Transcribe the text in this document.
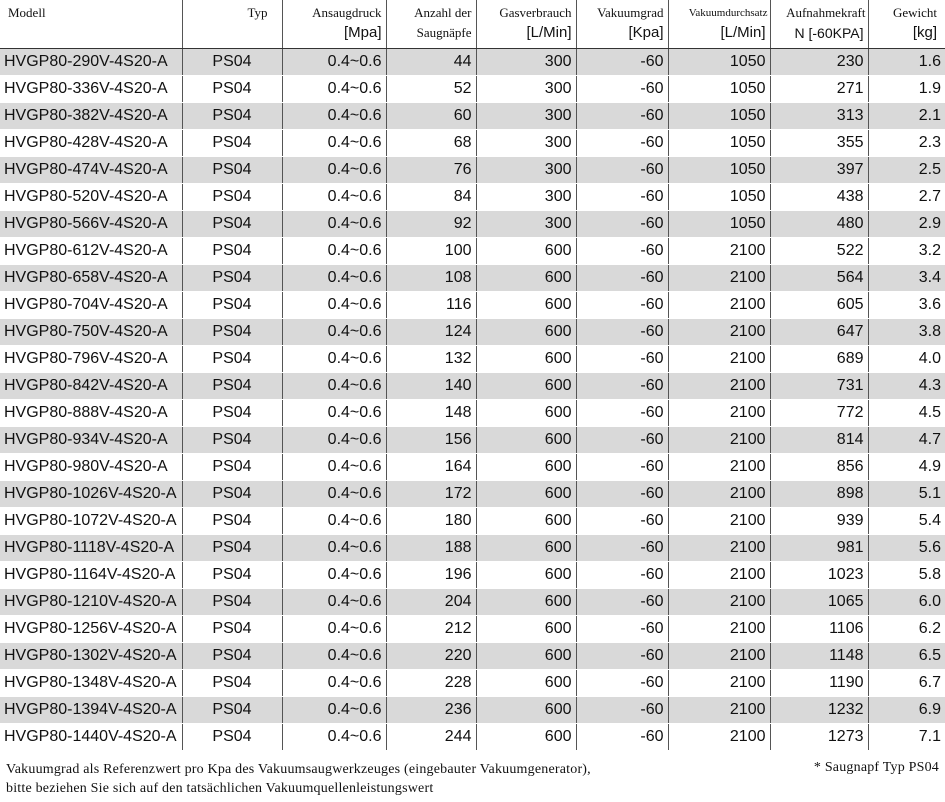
Modell	Typ	Ansaugdruck	Anzahl der	Gasverbrauch	Vakuumgrad	Vakuumdurchsatz	Aufnahmekraft	Gewicht
		[Mpa]	Saugnäpfe	[L/Min]	[Kpa]	[L/Min]	N [-60KPA]	[kg]
HVGP80-290V-4S20-A	PS04	0.4~0.6	44	300	-60	1050	230	1.6
HVGP80-336V-4S20-A	PS04	0.4~0.6	52	300	-60	1050	271	1.9
HVGP80-382V-4S20-A	PS04	0.4~0.6	60	300	-60	1050	313	2.1
HVGP80-428V-4S20-A	PS04	0.4~0.6	68	300	-60	1050	355	2.3
HVGP80-474V-4S20-A	PS04	0.4~0.6	76	300	-60	1050	397	2.5
HVGP80-520V-4S20-A	PS04	0.4~0.6	84	300	-60	1050	438	2.7
HVGP80-566V-4S20-A	PS04	0.4~0.6	92	300	-60	1050	480	2.9
HVGP80-612V-4S20-A	PS04	0.4~0.6	100	600	-60	2100	522	3.2
HVGP80-658V-4S20-A	PS04	0.4~0.6	108	600	-60	2100	564	3.4
HVGP80-704V-4S20-A	PS04	0.4~0.6	116	600	-60	2100	605	3.6
HVGP80-750V-4S20-A	PS04	0.4~0.6	124	600	-60	2100	647	3.8
HVGP80-796V-4S20-A	PS04	0.4~0.6	132	600	-60	2100	689	4.0
HVGP80-842V-4S20-A	PS04	0.4~0.6	140	600	-60	2100	731	4.3
HVGP80-888V-4S20-A	PS04	0.4~0.6	148	600	-60	2100	772	4.5
HVGP80-934V-4S20-A	PS04	0.4~0.6	156	600	-60	2100	814	4.7
HVGP80-980V-4S20-A	PS04	0.4~0.6	164	600	-60	2100	856	4.9
HVGP80-1026V-4S20-A	PS04	0.4~0.6	172	600	-60	2100	898	5.1
HVGP80-1072V-4S20-A	PS04	0.4~0.6	180	600	-60	2100	939	5.4
HVGP80-1118V-4S20-A	PS04	0.4~0.6	188	600	-60	2100	981	5.6
HVGP80-1164V-4S20-A	PS04	0.4~0.6	196	600	-60	2100	1023	5.8
HVGP80-1210V-4S20-A	PS04	0.4~0.6	204	600	-60	2100	1065	6.0
HVGP80-1256V-4S20-A	PS04	0.4~0.6	212	600	-60	2100	1106	6.2
HVGP80-1302V-4S20-A	PS04	0.4~0.6	220	600	-60	2100	1148	6.5
HVGP80-1348V-4S20-A	PS04	0.4~0.6	228	600	-60	2100	1190	6.7
HVGP80-1394V-4S20-A	PS04	0.4~0.6	236	600	-60	2100	1232	6.9
HVGP80-1440V-4S20-A	PS04	0.4~0.6	244	600	-60	2100	1273	7.1
Vakuumgrad als Referenzwert pro Kpa des Vakuumsaugwerkzeuges (eingebauter Vakuumgenerator),
bitte beziehen Sie sich auf den tatsächlichen Vakuumquellenleistungswert
* Saugnapf Typ PS04
